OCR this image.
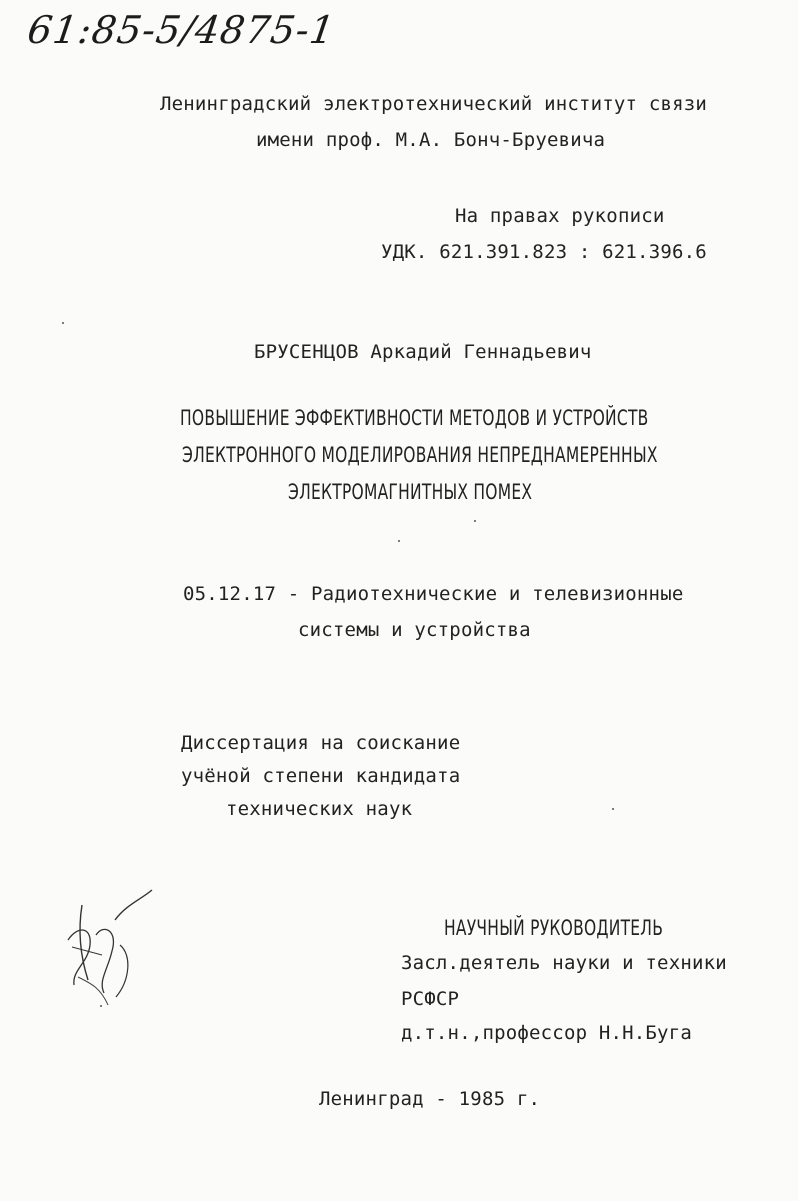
61:85-5/4875-1
Ленинградский электротехнический институт связи
имени проф. М.А. Бонч-Бруевича
На правах рукописи
УДК. 621.391.823 : 621.396.6
БРУСЕНЦОВ Аркадий Геннадьевич
ПОВЫШЕНИЕ ЭФФЕКТИВНОСТИ МЕТОДОВ И УСТРОЙСТВ
ЭЛЕКТРОННОГО МОДЕЛИРОВАНИЯ НЕПРЕДНАМЕРЕННЫХ
ЭЛЕКТРОМАГНИТНЫХ ПОМЕХ
05.12.17 - Радиотехнические и телевизионные
системы и устройства
Диссертация на соискание
учёной степени кандидата
технических наук
НАУЧНЫЙ РУКОВОДИТЕЛЬ
Засл.деятель науки и техники
РСФСР
д.т.н.,профессор Н.Н.Буга
Ленинград - 1985 г.
